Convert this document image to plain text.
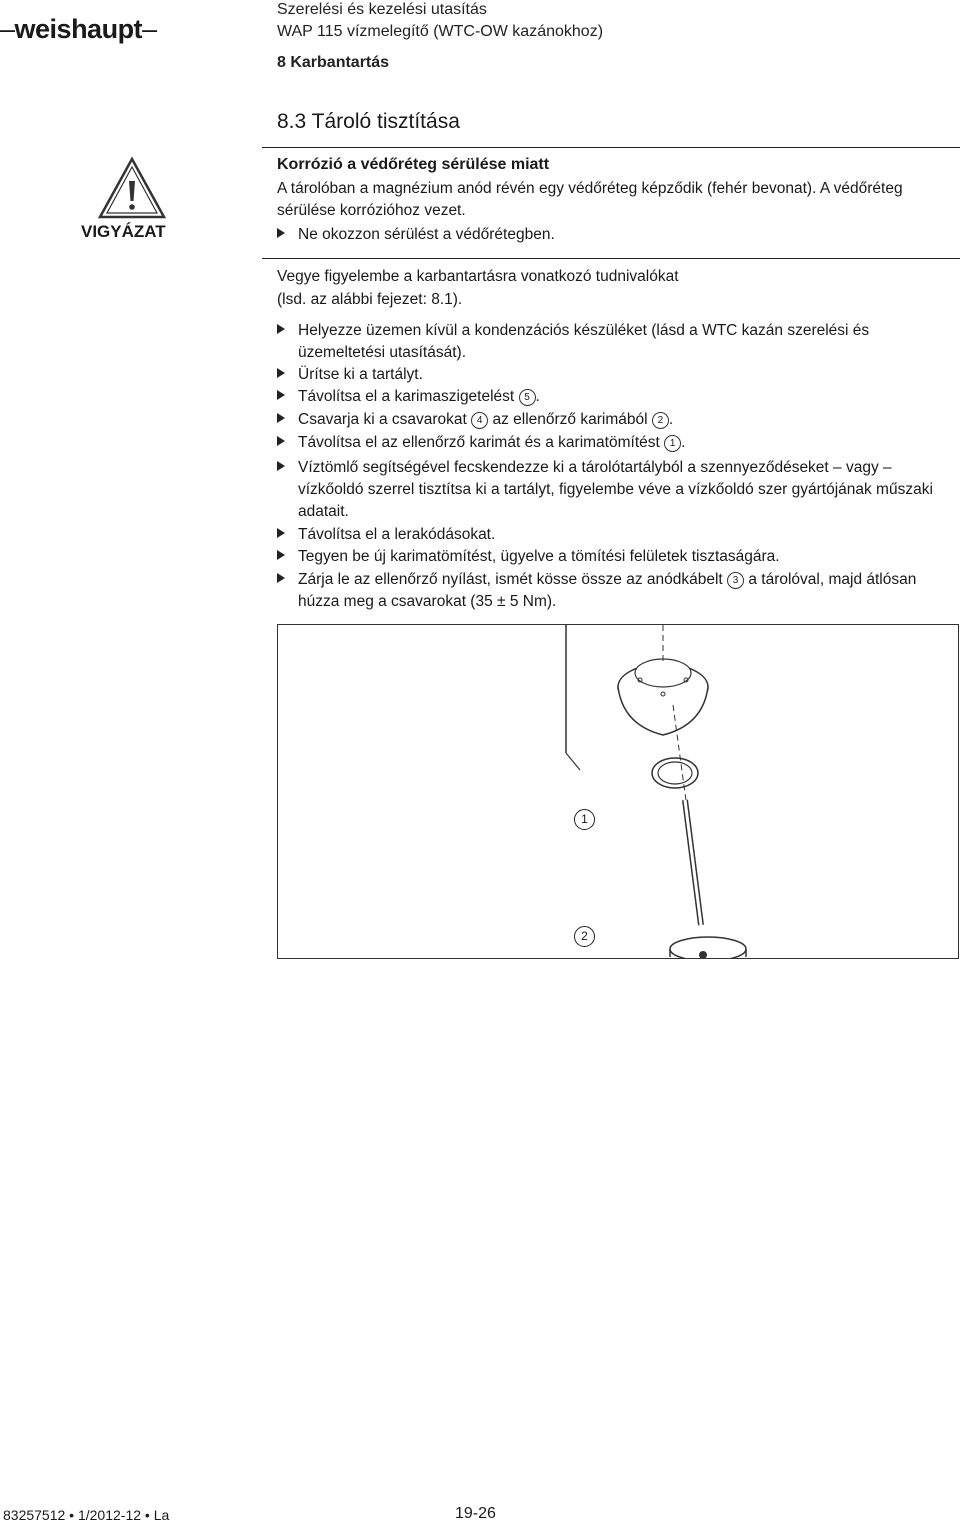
–weishaupt–
Szerelési és kezelési utasítás
WAP 115 vízmelegítő (WTC-OW kazánokhoz)
8 Karbantartás
8.3 Tároló tisztítása
VIGYÁZAT
Korrózió a védőréteg sérülése miatt
A tárolóban a magnézium anód révén egy védőréteg képződik (fehér bevonat). A védőréteg sérülése korrózióhoz vezet.
Ne okozzon sérülést a védőrétegben.
Vegye figyelembe a karbantartásra vonatkozó tudnivalókat
(lsd. az alábbi fejezet: 8.1).
Helyezze üzemen kívül a kondenzációs készüléket (lásd a WTC kazán szerelési és üzemeltetési utasítását).
Ürítse ki a tartályt.
Távolítsa el a karimaszigetelést 5 .
Csavarja ki a csavarokat 4 az ellenőrző karimából 2 .
Távolítsa el az ellenőrző karimát és a karimatömítést 1 .
Víztömlő segítségével fecskendezze ki a tárolótartályból a szennyeződéseket – vagy – vízkőoldó szerrel tisztítsa ki a tartályt, figyelembe véve a vízkőoldó szer gyártójának műszaki adatait.
Távolítsa el a lerakódásokat.
Tegyen be új karimatömítést, ügyelve a tömítési felületek tisztaságára.
Zárja le az ellenőrző nyílást, ismét kösse össze az anódkábelt 3 a tárolóval, majd átlósan húzza meg a csavarokat (35 ± 5 Nm).
1
2
83257512 • 1/2012-12 • La	19-26
